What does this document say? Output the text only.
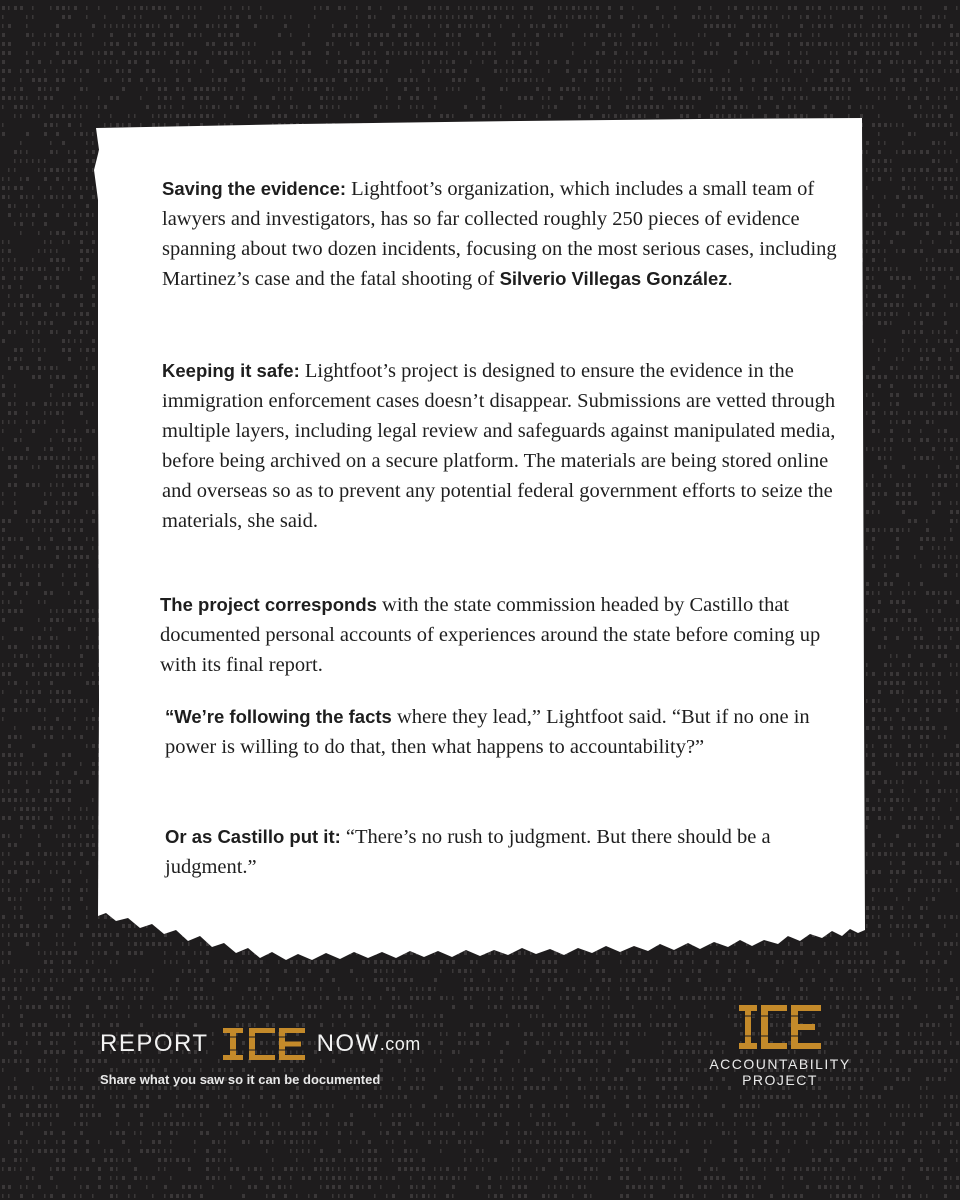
Saving the evidence: Lightfoot’s organization, which includes a small team of lawyers and investigators, has so far collected roughly 250 pieces of evidence spanning about two dozen incidents, focusing on the most serious cases, including Martinez’s case and the fatal shooting of Silverio Villegas González.
Keeping it safe: Lightfoot’s project is designed to ensure the evidence in the immigration enforcement cases doesn’t disappear. Submissions are vetted through multiple layers, including legal review and safeguards against manipulated media, before being archived on a secure platform. The materials are being stored online and overseas so as to prevent any potential federal government efforts to seize the materials, she said.
The project corresponds with the state commission headed by Castillo that documented personal accounts of experiences around the state before coming up with its final report.
“We’re following the facts where they lead,” Lightfoot said. “But if no one in power is willing to do that, then what happens to accountability?”
Or as Castillo put it: “There’s no rush to judgment. But there should be a judgment.”
REPORT	NOW .com
Share what you saw so it can be documented
ACCOUNTABILITY
PROJECT
